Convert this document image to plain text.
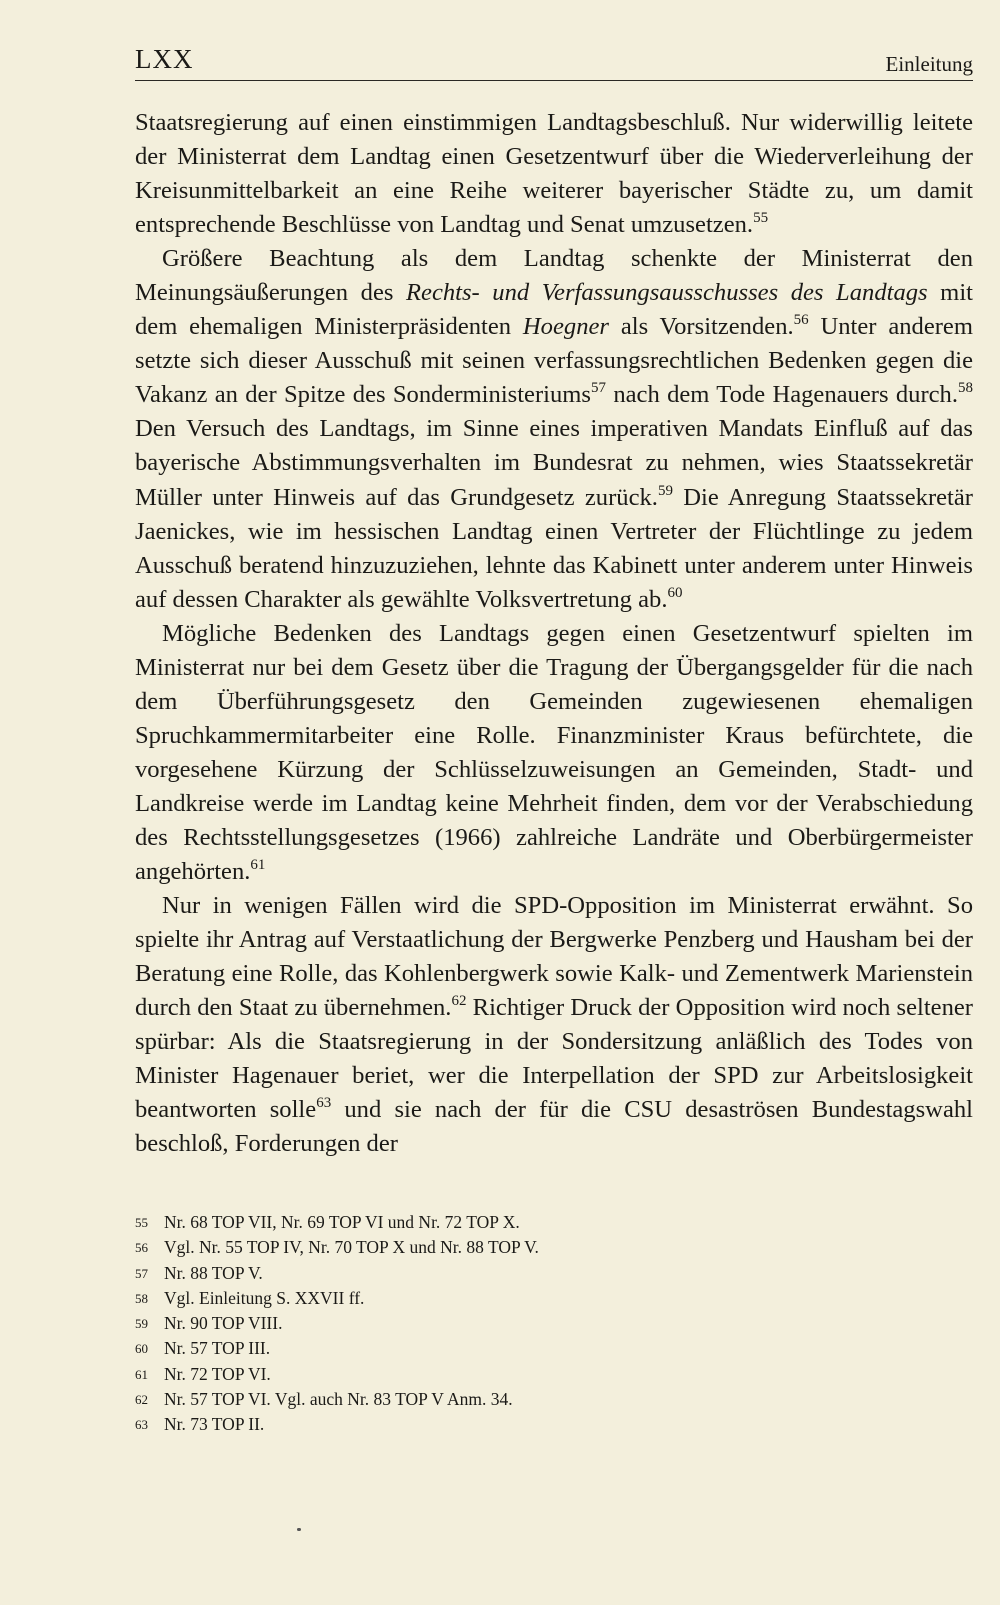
LXX	Einleitung

Staatsregierung auf einen einstimmigen Landtagsbeschluß. Nur widerwillig leitete der Ministerrat dem Landtag einen Gesetzentwurf über die Wiederverleihung der Kreisunmittelbarkeit an eine Reihe weiterer bayerischer Städte zu, um damit entsprechende Beschlüsse von Landtag und Senat umzusetzen.$^{55}$

Größere Beachtung als dem Landtag schenkte der Ministerrat den Meinungsäußerungen des Rechts- und Verfassungsausschusses des Landtags mit dem ehemaligen Ministerpräsidenten Hoegner als Vorsitzenden.$^{56}$ Unter anderem setzte sich dieser Ausschuß mit seinen verfassungsrechtlichen Bedenken gegen die Vakanz an der Spitze des Sonderministeriums$^{57}$ nach dem Tode Hagenauers durch.$^{58}$ Den Versuch des Landtags, im Sinne eines imperativen Mandats Einfluß auf das bayerische Abstimmungsverhalten im Bundesrat zu nehmen, wies Staatssekretär Müller unter Hinweis auf das Grundgesetz zurück.$^{59}$ Die Anregung Staatssekretär Jaenickes, wie im hessischen Landtag einen Vertreter der Flüchtlinge zu jedem Ausschuß beratend hinzuzuziehen, lehnte das Kabinett unter anderem unter Hinweis auf dessen Charakter als gewählte Volksvertretung ab.$^{60}$

Mögliche Bedenken des Landtags gegen einen Gesetzentwurf spielten im Ministerrat nur bei dem Gesetz über die Tragung der Übergangsgelder für die nach dem Überführungsgesetz den Gemeinden zugewiesenen ehemaligen Spruchkammermitarbeiter eine Rolle. Finanzminister Kraus befürchtete, die vorgesehene Kürzung der Schlüsselzuweisungen an Gemeinden, Stadt- und Landkreise werde im Landtag keine Mehrheit finden, dem vor der Verabschiedung des Rechtsstellungsgesetzes (1966) zahlreiche Landräte und Oberbürgermeister angehörten.$^{61}$

Nur in wenigen Fällen wird die SPD-Opposition im Ministerrat erwähnt. So spielte ihr Antrag auf Verstaatlichung der Bergwerke Penzberg und Hausham bei der Beratung eine Rolle, das Kohlenbergwerk sowie Kalk- und Zementwerk Marienstein durch den Staat zu übernehmen.$^{62}$ Richtiger Druck der Opposition wird noch seltener spürbar: Als die Staatsregierung in der Sondersitzung anläßlich des Todes von Minister Hagenauer beriet, wer die Interpellation der SPD zur Arbeitslosigkeit beantworten solle$^{63}$ und sie nach der für die CSU desaströsen Bundestagswahl beschloß, Forderungen der

55 Nr. 68 TOP VII, Nr. 69 TOP VI und Nr. 72 TOP X.
56 Vgl. Nr. 55 TOP IV, Nr. 70 TOP X und Nr. 88 TOP V.
57 Nr. 88 TOP V.
58 Vgl. Einleitung S. XXVII ff.
59 Nr. 90 TOP VIII.
60 Nr. 57 TOP III.
61 Nr. 72 TOP VI.
62 Nr. 57 TOP VI. Vgl. auch Nr. 83 TOP V Anm. 34.
63 Nr. 73 TOP II.
